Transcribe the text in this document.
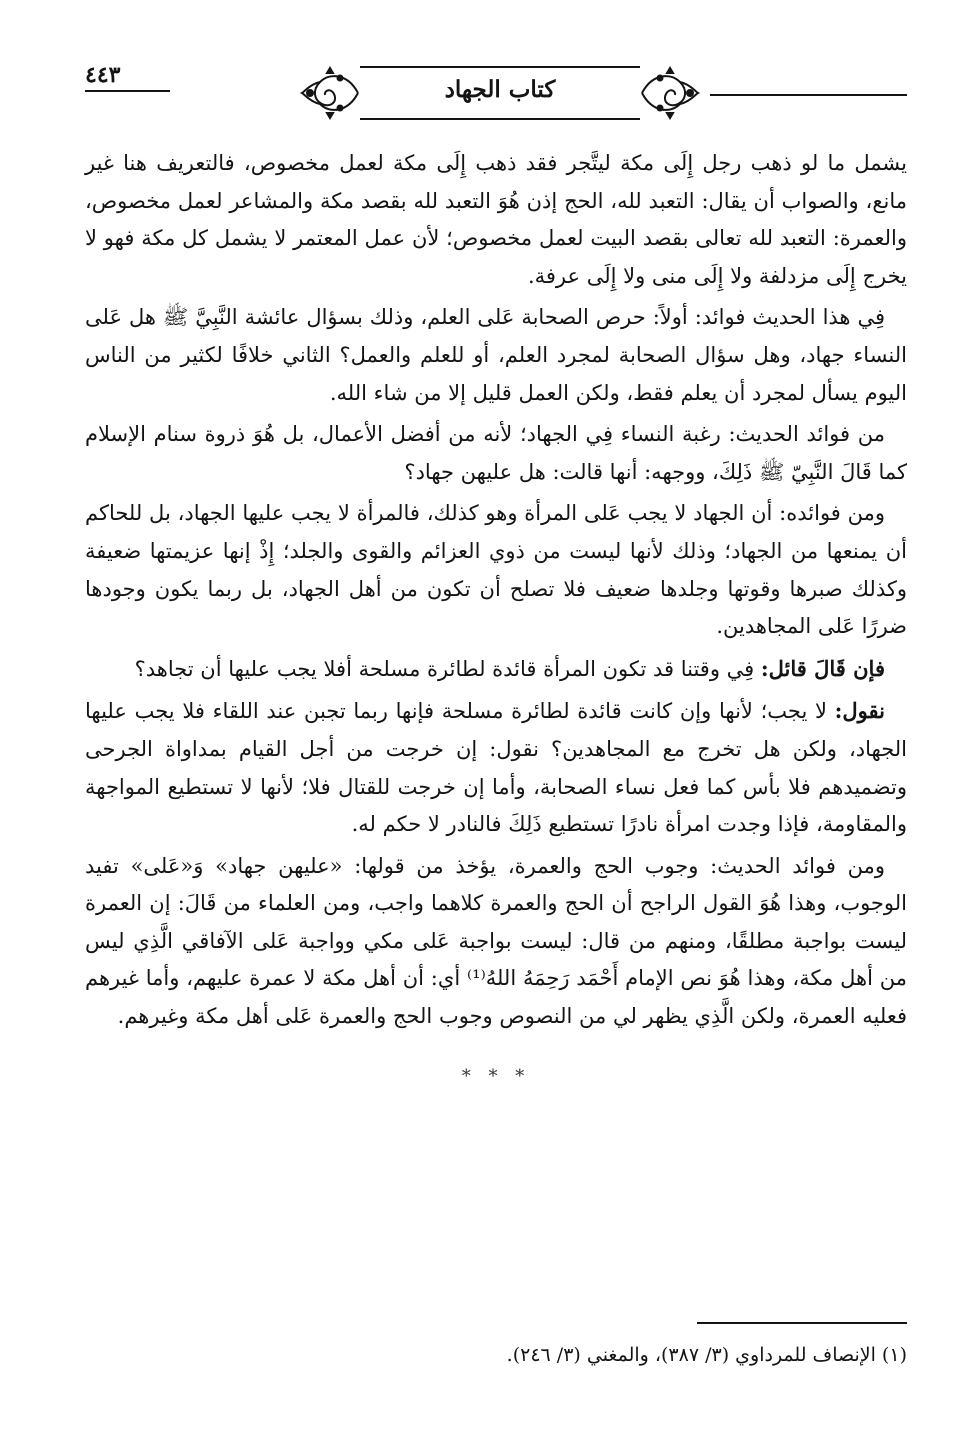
٤٤٣
كتاب الجهاد

يشمل ما لو ذهب رجل إِلَى مكة ليتَّجر فقد ذهب إِلَى مكة لعمل مخصوص، فالتعريف هنا غير مانع، والصواب أن يقال: التعبد لله، الحج إذن هُوَ التعبد لله بقصد مكة والمشاعر لعمل مخصوص، والعمرة: التعبد لله تعالى بقصد البيت لعمل مخصوص؛ لأن عمل المعتمر لا يشمل كل مكة فهو لا يخرج إِلَى مزدلفة ولا إِلَى منى ولا إِلَى عرفة.

فِي هذا الحديث فوائد: أولاً: حرص الصحابة عَلى العلم، وذلك بسؤال عائشة النَّبِيَّ ﷺ هل عَلى النساء جهاد، وهل سؤال الصحابة لمجرد العلم، أو للعلم والعمل؟ الثاني خلافًا لكثير من الناس اليوم يسأل لمجرد أن يعلم فقط، ولكن العمل قليل إلا من شاء الله.

من فوائد الحديث: رغبة النساء فِي الجهاد؛ لأنه من أفضل الأعمال، بل هُوَ ذروة سنام الإسلام كما قَالَ النَّبِيّ ﷺ ذَلِكَ، ووجهه: أنها قالت: هل عليهن جهاد؟

ومن فوائده: أن الجهاد لا يجب عَلى المرأة وهو كذلك، فالمرأة لا يجب عليها الجهاد، بل للحاكم أن يمنعها من الجهاد؛ وذلك لأنها ليست من ذوي العزائم والقوى والجلد؛ إِذْ إنها عزيمتها ضعيفة وكذلك صبرها وقوتها وجلدها ضعيف فلا تصلح أن تكون من أهل الجهاد، بل ربما يكون وجودها ضررًا عَلى المجاهدين.

فإن قَالَ قائل: فِي وقتنا قد تكون المرأة قائدة لطائرة مسلحة أفلا يجب عليها أن تجاهد؟

نقول: لا يجب؛ لأنها وإن كانت قائدة لطائرة مسلحة فإنها ربما تجبن عند اللقاء فلا يجب عليها الجهاد، ولكن هل تخرج مع المجاهدين؟ نقول: إن خرجت من أجل القيام بمداواة الجرحى وتضميدهم فلا بأس كما فعل نساء الصحابة، وأما إن خرجت للقتال فلا؛ لأنها لا تستطيع المواجهة والمقاومة، فإذا وجدت امرأة نادرًا تستطيع ذَلِكَ فالنادر لا حكم له.

ومن فوائد الحديث: وجوب الحج والعمرة، يؤخذ من قولها: «عليهن جهاد» وَ«عَلى» تفيد الوجوب، وهذا هُوَ القول الراجح أن الحج والعمرة كلاهما واجب، ومن العلماء من قَالَ: إن العمرة ليست بواجبة مطلقًا، ومنهم من قال: ليست بواجبة عَلى مكي وواجبة عَلى الآفاقي الَّذِي ليس من أهل مكة، وهذا هُوَ نص الإمام أَحْمَد رَحِمَهُ اللهُ⁽¹⁾ أي: أن أهل مكة لا عمرة عليهم، وأما غيرهم فعليه العمرة، ولكن الَّذِي يظهر لي من النصوص وجوب الحج والعمرة عَلى أهل مكة وغيرهم.

* * *
(١) الإنصاف للمرداوي (٣/ ٣٨٧)، والمغني (٣/ ٢٤٦).
